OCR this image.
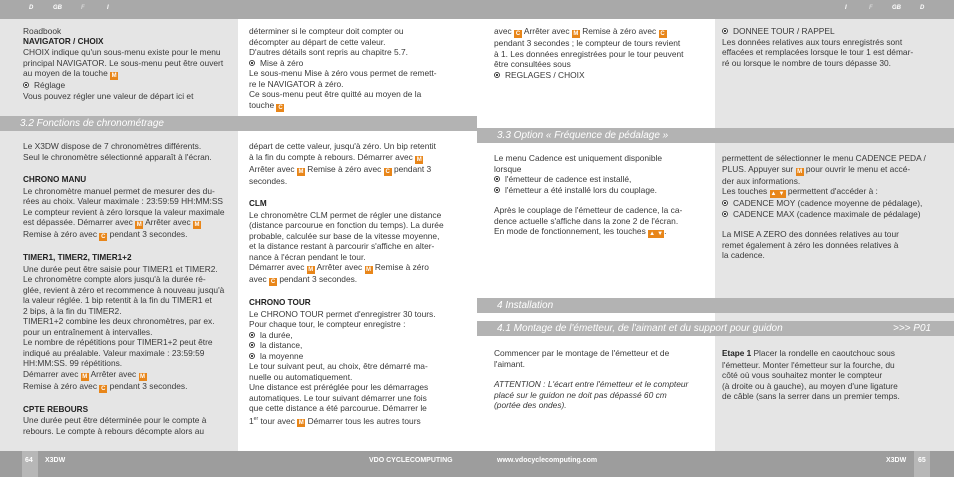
D	GB	F	I	I	F	GB	D

Roadbook

NAVIGATOR / CHOIX

CHOIX indique qu'un sous-menu existe pour le menu

principal NAVIGATOR. Le sous-menu peut être ouvert

au moyen de la touche M

Réglage

Vous pouvez régler une valeur de départ ici et

déterminer si le compteur doit compter ou

décompter au départ de cette valeur.

D'autres détails sont repris au chapitre 5.7.

Mise à zéro

Le sous-menu Mise à zéro vous permet de remett-

re le NAVIGATOR à zéro.

Ce sous-menu peut être quitté au moyen de la

touche C

3.2 Fonctions de chronométrage

Le X3DW dispose de 7 chronomètres différents.

Seul le chronomètre sélectionné apparaît à l'écran.

CHRONO MANU

Le chronomètre manuel permet de mesurer des du-

rées au choix. Valeur maximale : 23:59:59 HH:MM:SS

Le compteur revient à zéro lorsque la valeur maximale

est dépassée. Démarrer avec M Arrêter avec M

Remise à zéro avec C pendant 3 secondes.

TIMER1, TIMER2, TIMER1+2

Une durée peut être saisie pour TIMER1 et TIMER2.

Le chronomètre compte alors jusqu'à la durée ré-

glée, revient à zéro et recommence à nouveau jusqu'à

la valeur réglée. 1 bip retentit à la fin du TIMER1 et

2 bips, à la fin du TIMER2.

TIMER1+2 combine les deux chronomètres, par ex.

pour un entraînement à intervalles.

Le nombre de répétitions pour TIMER1+2 peut être

indiqué au préalable. Valeur maximale : 23:59:59

HH:MM:SS. 99 répétitions.

Démarrer avec M Arrêter avec M

Remise à zéro avec C pendant 3 secondes.

CPTE REBOURS

Une durée peut être déterminée pour le compte à

rebours. Le compte à rebours décompte alors au

départ de cette valeur, jusqu'à zéro. Un bip retentit

à la fin du compte à rebours. Démarrer avec M

Arrêter avec M Remise à zéro avec C pendant 3

secondes.

CLM

Le chronomètre CLM permet de régler une distance

(distance parcourue en fonction du temps). La durée

probable, calculée sur base de la vitesse moyenne,

et la distance restant à parcourir s'affiche en alter-

nance à l'écran pendant le tour.

Démarrer avec M Arrêter avec M Remise à zéro

avec C pendant 3 secondes.

CHRONO TOUR

Le CHRONO TOUR permet d'enregistrer 30 tours.

Pour chaque tour, le compteur enregistre :

la durée,

la distance,

la moyenne

Le tour suivant peut, au choix, être démarré ma-

nuelle ou automatiquement.

Une distance est préréglée pour les démarrages

automatiques. Le tour suivant démarrer une fois

que cette distance a été parcourue. Démarrer le

1er tour avec M Démarrer tous les autres tours

avec C Arrêter avec M Remise à zéro avec C

pendant 3 secondes ; le compteur de tours revient

à 1. Les données enregistrées pour le tour peuvent

être consultées sous

REGLAGES / CHOIX

DONNEE TOUR / RAPPEL

Les données relatives aux tours enregistrés sont

effacées et remplacées lorsque le tour 1 est démar-

ré ou lorsque le nombre de tours dépasse 30.

3.3 Option « Fréquence de pédalage »

Le menu Cadence est uniquement disponible

lorsque

l'émetteur de cadence est installé,

l'émetteur a été installé lors du couplage.

Après le couplage de l'émetteur de cadence, la ca-

dence actuelle s'affiche dans la zone 2 de l'écran.

En mode de fonctionnement, les touches ▲ ▼.

permettent de sélectionner le menu CADENCE PEDA /

PLUS. Appuyer sur M pour ouvrir le menu et accé-

der aux informations.

Les touches ▲ ▼ permettent d'accéder à :

CADENCE MOY (cadence moyenne de pédalage),

CADENCE MAX (cadence maximale de pédalage)

La MISE A ZERO des données relatives au tour

remet également à zéro les données relatives à

la cadence.

4 Installation
4.1 Montage de l'émetteur, de l'aimant et du support pour guidon	>>> P01

Commencer par le montage de l'émetteur et de

l'aimant.

ATTENTION : L'écart entre l'émetteur et le compteur

placé sur le guidon ne doit pas dépassé 60 cm

(portée des ondes).

Etape 1 Placer la rondelle en caoutchouc sous

l'émetteur. Monter l'émetteur sur la fourche, du

côté où vous souhaitez monter le compteur

(à droite ou à gauche), au moyen d'une ligature

de câble (sans la serrer dans un premier temps.

64 X3DW	VDO CYCLECOMPUTING	www.vdocyclecomputing.com	X3DW 65
